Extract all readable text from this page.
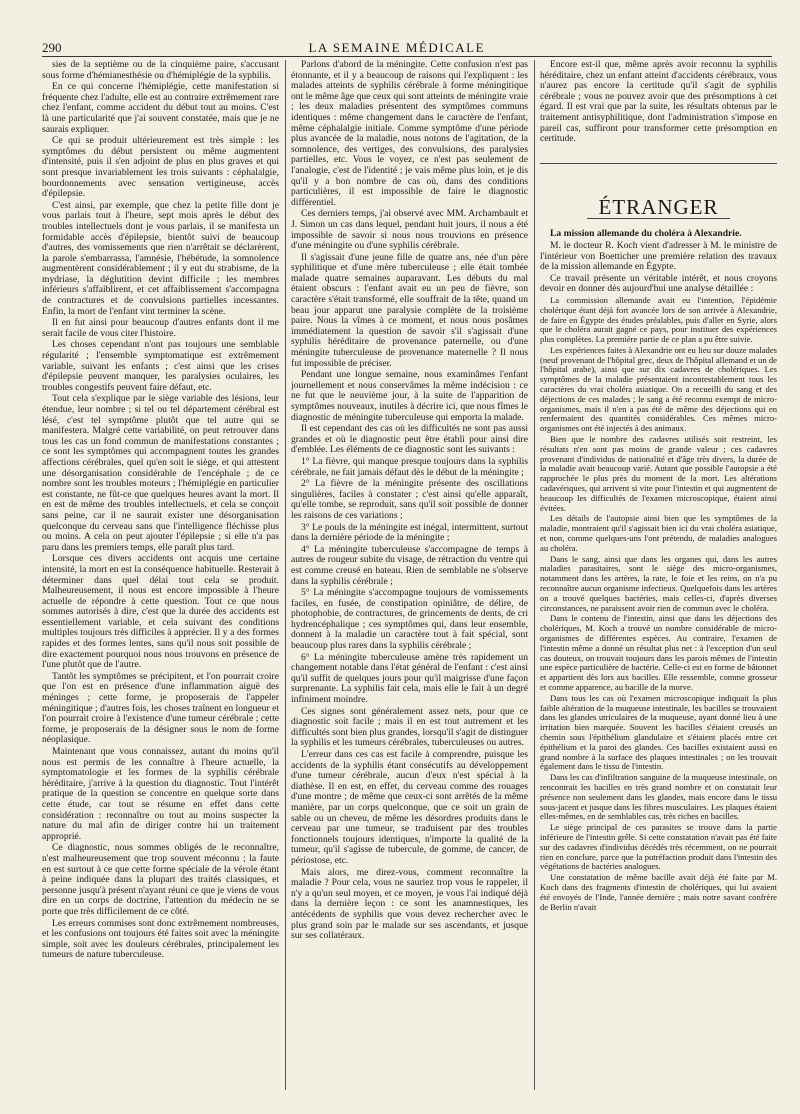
290	LA SEMAINE MÉDICALE

sies de la septième ou de la cinquième paire, s'accusant sous forme d'hémianesthésie ou d'hémiplégie de la syphilis.

En ce qui concerne l'hémiplégie, cette manifestation si fréquente chez l'adulte, elle est au contraire extrêmement rare chez l'enfant, comme accident du début tout au moins. C'est là une particularité que j'ai souvent constatée, mais que je ne saurais expliquer.

Ce qui se produit ultérieurement est très simple : les symptômes du début persistent ou même augmentent d'intensité, puis il s'en adjoint de plus en plus graves et qui sont presque invariablement les trois suivants : céphalalgie, bourdonnements avec sensation vertigineuse, accès d'épilepsie.

C'est ainsi, par exemple, que chez la petite fille dont je vous parlais tout à l'heure, sept mois après le début des troubles intellectuels dont je vous parlais, il se manifesta un formidable accès d'épilepsie, bientôt suivi de beaucoup d'autres, des vomissements que rien n'arrêtait se déclarèrent, la parole s'embarrassa, l'amnésie, l'hébétude, la somnolence augmentèrent considérablement ; il y eut du strabisme, de la mydriase, la déglutition devint difficile ; les membres inférieurs s'affaiblirent, et cet affaiblissement s'accompagna de contractures et de convulsions partielles incessantes. Enfin, la mort de l'enfant vint terminer la scène.

Il en fut ainsi pour beaucoup d'autres enfants dont il me serait facile de vous citer l'histoire.

Les choses cependant n'ont pas toujours une semblable régularité ; l'ensemble symptomatique est extrêmement variable, suivant les enfants ; c'est ainsi que les crises d'épilepsie peuvent manquer, les paralysies oculaires, les troubles congestifs peuvent faire défaut, etc.

Tout cela s'explique par le siège variable des lésions, leur étendue, leur nombre ; si tel ou tel département cérébral est lésé, c'est tel symptôme plutôt que tel autre qui se manifestera. Malgré cette variabilité, on peut retrouver dans tous les cas un fond commun de manifestations constantes ; ce sont les symptômes qui accompagnent toutes les grandes affections cérébrales, quel qu'en soit le siège, et qui attestent une désorganisation considérable de l'encéphale ; de ce nombre sont les troubles moteurs ; l'hémiplégie en particulier est constante, ne fût-ce que quelques heures avant la mort. Il en est de même des troubles intellectuels, et cela se conçoit sans peine, car il ne saurait exister une désorganisation quelconque du cerveau sans que l'intelligence fléchisse plus ou moins. A cela on peut ajouter l'épilepsie ; si elle n'a pas paru dans les premiers temps, elle paraît plus tard.

Lorsque ces divers accidents ont acquis une certaine intensité, la mort en est la conséquence habituelle. Resterait à déterminer dans quel délai tout cela se produit. Malheureusement, il nous est encore impossible à l'heure actuelle de répondre à cette question. Tout ce que nous sommes autorisés à dire, c'est que la durée des accidents est essentiellement variable, et cela suivant des conditions multiples toujours très difficiles à apprécier. Il y a des formes rapides et des formes lentes, sans qu'il nous soit possible de dire exactement pourquoi nous nous trouvons en présence de l'une plutôt que de l'autre.

Tantôt les symptômes se précipitent, et l'on pourrait croire que l'on est en présence d'une inflammation aiguë des méninges ; cette forme, je proposerais de l'appeler méningitique ; d'autres fois, les choses traînent en longueur et l'on pourrait croire à l'existence d'une tumeur cérébrale ; cette forme, je proposerais de la désigner sous le nom de forme néoplasique.

Maintenant que vous connaissez, autant du moins qu'il nous est permis de les connaître à l'heure actuelle, la symptomatologie et les formes de la syphilis cérébrale héréditaire, j'arrive à la question du diagnostic. Tout l'intérêt pratique de la question se concentre en quelque sorte dans cette étude, car tout se résume en effet dans cette considération : reconnaître ou tout au moins suspecter la nature du mal afin de diriger contre lui un traitement approprié.

Ce diagnostic, nous sommes obligés de le reconnaître, n'est malheureusement que trop souvent méconnu ; la faute en est surtout à ce que cette forme spéciale de la vérole étant à peine indiquée dans la plupart des traités classiques, et personne jusqu'à présent n'ayant réuni ce que je viens de vous dire en un corps de doctrine, l'attention du médecin ne se porte que très difficilement de ce côté.

Les erreurs commises sont donc extrêmement nombreuses, et les confusions ont toujours été faites soit avec la méningite simple, soit avec les douleurs cérébrales, principalement les tumeurs de nature tuberculeuse.

Parlons d'abord de la méningite. Cette confusion n'est pas étonnante, et il y a beaucoup de raisons qui l'expliquent : les malades atteints de syphilis cérébrale à forme méningitique ont le même âge que ceux qui sont atteints de méningite vraie ; les deux maladies présentent des symptômes communs identiques : même changement dans le caractère de l'enfant, même céphalalgie initiale. Comme symptôme d'une période plus avancée de la maladie, nous notons de l'agitation, de la somnolence, des vertiges, des convulsions, des paralysies partielles, etc. Vous le voyez, ce n'est pas seulement de l'analogie, c'est de l'identité ; je vais même plus loin, et je dis qu'il y a bon nombre de cas où, dans des conditions particulières, il est impossible de faire le diagnostic différentiel.

Ces derniers temps, j'ai observé avec MM. Archambault et J. Simon un cas dans lequel, pendant huit jours, il nous a été impossible de savoir si nous nous trouvions en présence d'une méningite ou d'une syphilis cérébrale.

Il s'agissait d'une jeune fille de quatre ans, née d'un père syphilitique et d'une mère tuberculeuse ; elle était tombée malade quatre semaines auparavant. Les débuts du mal étaient obscurs : l'enfant avait eu un peu de fièvre, son caractère s'était transformé, elle souffrait de la tête, quand un beau jour apparut une paralysie complète de la troisième paire. Nous la vîmes à ce moment, et nous nous posâmes immédiatement la question de savoir s'il s'agissait d'une syphilis héréditaire de provenance paternelle, ou d'une méningite tuberculeuse de provenance maternelle ? Il nous fut impossible de préciser.

Pendant une longue semaine, nous examinâmes l'enfant journellement et nous conservâmes la même indécision : ce ne fut que le neuvième jour, à la suite de l'apparition de symptômes nouveaux, inutiles à décrire ici, que nous fîmes le diagnostic de méningite tuberculeuse qui emporta la malade.

Il est cependant des cas où les difficultés ne sont pas aussi grandes et où le diagnostic peut être établi pour ainsi dire d'emblée. Les éléments de ce diagnostic sont les suivants :

1° La fièvre, qui manque presque toujours dans la syphilis cérébrale, ne fait jamais défaut dès le début de la méningite ;

2° La fièvre de la méningite présente des oscillations singulières, faciles à constater ; c'est ainsi qu'elle apparaît, qu'elle tombe, se reproduit, sans qu'il soit possible de donner les raisons de ces variations ;

3° Le pouls de la méningite est inégal, intermittent, surtout dans la dernière période de la méningite ;

4° La méningite tuberculeuse s'accompagne de temps à autres de rougeur subite du visage, de rétraction du ventre qui est comme creusé en bateau. Rien de semblable ne s'observe dans la syphilis cérébrale ;

5° La méningite s'accompagne toujours de vomissements faciles, en fusée, de constipation opiniâtre, de délire, de photophobie, de contractures, de grincements de dents, de cri hydrencéphalique ; ces symptômes qui, dans leur ensemble, donnent à la maladie un caractère tout à fait spécial, sont beaucoup plus rares dans la syphilis cérébrale ;

6° La méningite tuberculeuse amène très rapidement un changement notable dans l'état général de l'enfant : c'est ainsi qu'il suffit de quelques jours pour qu'il maigrisse d'une façon surprenante. La syphilis fait cela, mais elle le fait à un degré infiniment moindre.

Ces signes sont généralement assez nets, pour que ce diagnostic soit facile ; mais il en est tout autrement et les difficultés sont bien plus grandes, lorsqu'il s'agit de distinguer la syphilis et les tumeurs cérébrales, tuberculeuses ou autres.

L'erreur dans ces cas est facile à comprendre, puisque les accidents de la syphilis étant consécutifs au développement d'une tumeur cérébrale, aucun d'eux n'est spécial à la diathèse. Il en est, en effet, du cerveau comme des rouages d'une montre ; de même que ceux-ci sont arrêtés de la même manière, par un corps quelconque, que ce soit un grain de sable ou un cheveu, de même les désordres produits dans le cerveau par une tumeur, se traduisent par des troubles fonctionnels toujours identiques, n'importe la qualité de la tumeur, qu'il s'agisse de tubercule, de gomme, de cancer, de périostose, etc.

Mais alors, me direz-vous, comment reconnaître la maladie ? Pour cela, vous ne sauriez trop vous le rappeler, il n'y a qu'un seul moyen, et ce moyen, je vous l'ai indiqué déjà dans la dernière leçon : ce sont les anamnestiques, les antécédents de syphilis que vous devez rechercher avec le plus grand soin par le malade sur ses ascendants, et jusque sur ses collatéraux.

Encore est-il que, même après avoir reconnu la syphilis héréditaire, chez un enfant atteint d'accidents cérébraux, vous n'aurez pas encore la certitude qu'il s'agit de syphilis cérébrale ; vous ne pouvez avoir que des présomptions à cet égard. Il est vrai que par la suite, les résultats obtenus par le traitement antisyphilitique, dont l'administration s'impose en pareil cas, suffiront pour transformer cette présomption en certitude.

ÉTRANGER

La mission allemande du choléra à Alexandrie.

M. le docteur R. Koch vient d'adresser à M. le ministre de l'intérieur von Boetticher une première relation des travaux de la mission allemande en Égypte.

Ce travail présente un véritable intérêt, et nous croyons devoir en donner dès aujourd'hui une analyse détaillée :

La commission allemande avait eu l'intention, l'épidémie cholérique étant déjà fort avancée lors de son arrivée à Alexandrie, de faire en Égypte des études préalables, puis d'aller en Syrie, alors que le choléra aurait gagné ce pays, pour instituer des expériences plus complètes. La première partie de ce plan a pu être suivie.

Les expériences faites à Alexandrie ont eu lieu sur douze malades (neuf provenant de l'hôpital grec, deux de l'hôpital allemand et un de l'hôpital arabe), ainsi que sur dix cadavres de cholériques. Les symptômes de la maladie présentaient incontestablement tous les caractères du vrai choléra asiatique. On a recueilli du sang et des déjections de ces malades ; le sang a été reconnu exempt de micro-organismes, mais il n'en a pas été de même des déjections qui en renfermaient des quantités considérables. Ces mêmes micro-organismes ont été injectés à des animaux.

Bien que le nombre des cadavres utilisés soit restreint, les résultats n'en sont pas moins de grande valeur ; ces cadavres provenant d'individus de nationalité et d'âge très divers, la durée de la maladie avait beaucoup varié. Autant que possible l'autopsie a été rapprochée le plus près du moment de la mort. Les altérations cadavériques, qui arrivent si vite pour l'intestin et qui augmentent de beaucoup les difficultés de l'examen microscopique, étaient ainsi évitées.

Les détails de l'autopsie ainsi bien que les symptômes de la maladie, montraient qu'il s'agissait bien ici du vrai choléra asiatique, et non, comme quelques-uns l'ont prétendu, de maladies analogues au choléra.

Dans le sang, ainsi que dans les organes qui, dans les autres maladies parasitaires, sont le siège des micro-organismes, notamment dans les artères, la rate, le foie et les reins, on n'a pu reconnaître aucun organisme infectieux. Quelquefois dans les artères on a trouvé quelques bactéries, mais celles-ci, d'après diverses circonstances, ne paraissent avoir rien de commun avec le choléra.

Dans le contenu de l'intestin, ainsi que dans les déjections des cholériques, M. Koch a trouvé un nombre considérable de micro-organismes de différentes espèces. Au contraire, l'examen de l'intestin même a donné un résultat plus net : à l'exception d'un seul cas douteux, on trouvait toujours dans les parois mêmes de l'intestin une espèce particulière de bactérie. Celle-ci est en forme de bâtonnet et appartient dès lors aux bacilles. Elle ressemble, comme grosseur et comme apparence, au bacille de la morve.

Dans tous les cas où l'examen microscopique indiquait la plus faible altération de la muqueuse intestinale, les bacilles se trouvaient dans les glandes utriculaires de la muqueuse, ayant donné lieu à une irritation bien marquée. Souvent les bacilles s'étaient creusés un chemin sous l'épithélium glandulaire et s'étaient placés entre cet épithélium et la paroi des glandes. Ces bacilles existaient aussi en grand nombre à la surface des plaques intestinales ; on les trouvait également dans le tissu de l'intestin.

Dans les cas d'infiltration sanguine de la muqueuse intestinale, on rencontrait les bacilles en très grand nombre et on constatait leur présence non seulement dans les glandes, mais encore dans le tissu sous-jacent et jusque dans les fibres musculaires. Les plaques étaient elles-mêmes, en de semblables cas, très riches en bacilles.

Le siège principal de ces parasites se trouve dans la partie inférieure de l'intestin grêle. Si cette constatation n'avait pas été faite sur des cadavres d'individus décédés très récemment, on ne pourrait rien en conclure, parce que la putréfaction produit dans l'intestin des végétations de bactéries analogues.

Une constatation de même bacille avait déjà été faite par M. Koch dans des fragments d'intestin de cholériques, qui lui avaient été envoyés de l'Inde, l'année dernière ; mais notre savant confrère de Berlin n'avait
